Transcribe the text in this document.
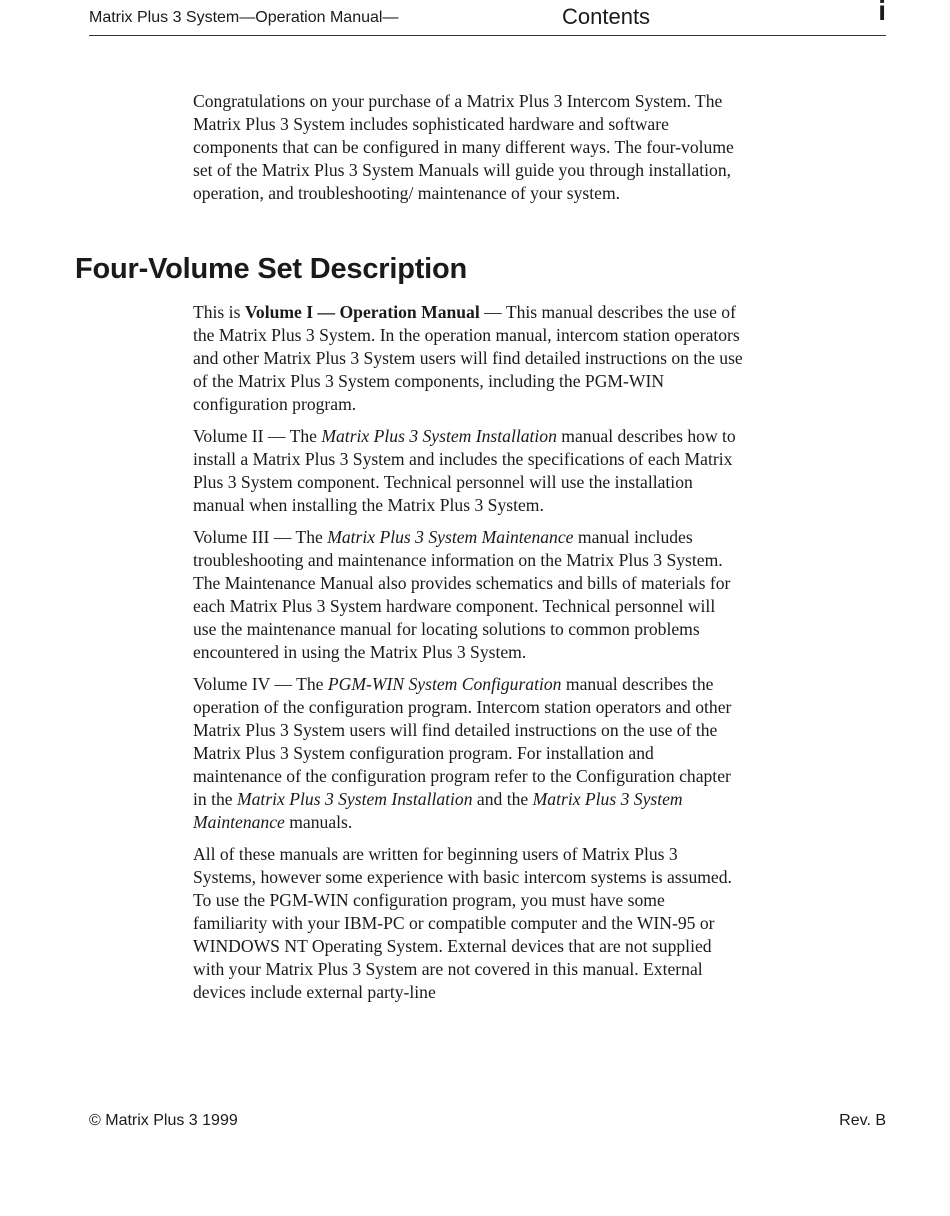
Matrix Plus 3 System—Operation Manual—	Contents	i

Congratulations on your purchase of a Matrix Plus 3 Intercom System. The Matrix Plus 3 System includes sophisticated hardware and software components that can be configured in many different ways. The four-volume set of the Matrix Plus 3 System Manuals will guide you through installation, operation, and troubleshooting/ maintenance of your system.

Four-Volume Set Description

This is Volume I — Operation Manual — This manual describes the use of the Matrix Plus 3 System. In the operation manual, intercom station operators and other Matrix Plus 3 System users will find detailed instructions on the use of the Matrix Plus 3 System components, including the PGM-WIN configuration program.

Volume II — The Matrix Plus 3 System Installation manual describes how to install a Matrix Plus 3 System and includes the specifications of each Matrix Plus 3 System component. Technical personnel will use the installation manual when installing the Matrix Plus 3 System.

Volume III — The Matrix Plus 3 System Maintenance manual includes troubleshooting and maintenance information on the Matrix Plus 3 System. The Maintenance Manual also provides schematics and bills of materials for each Matrix Plus 3 System hardware component. Technical personnel will use the maintenance manual for locating solutions to common problems encountered in using the Matrix Plus 3 System.

Volume IV — The PGM-WIN System Configuration manual describes the operation of the configuration program. Intercom station operators and other Matrix Plus 3 System users will find detailed instructions on the use of the Matrix Plus 3 System configuration program. For installation and maintenance of the configuration program refer to the Configuration chapter in the Matrix Plus 3 System Installation and the Matrix Plus 3 System Maintenance manuals.

All of these manuals are written for beginning users of Matrix Plus 3 Systems, however some experience with basic intercom systems is assumed. To use the PGM-WIN configuration program, you must have some familiarity with your IBM-PC or compatible computer and the WIN-95 or WINDOWS NT Operating System. External devices that are not supplied with your Matrix Plus 3 System are not covered in this manual. External devices include external party-line

© Matrix Plus 3 1999	Rev. B
